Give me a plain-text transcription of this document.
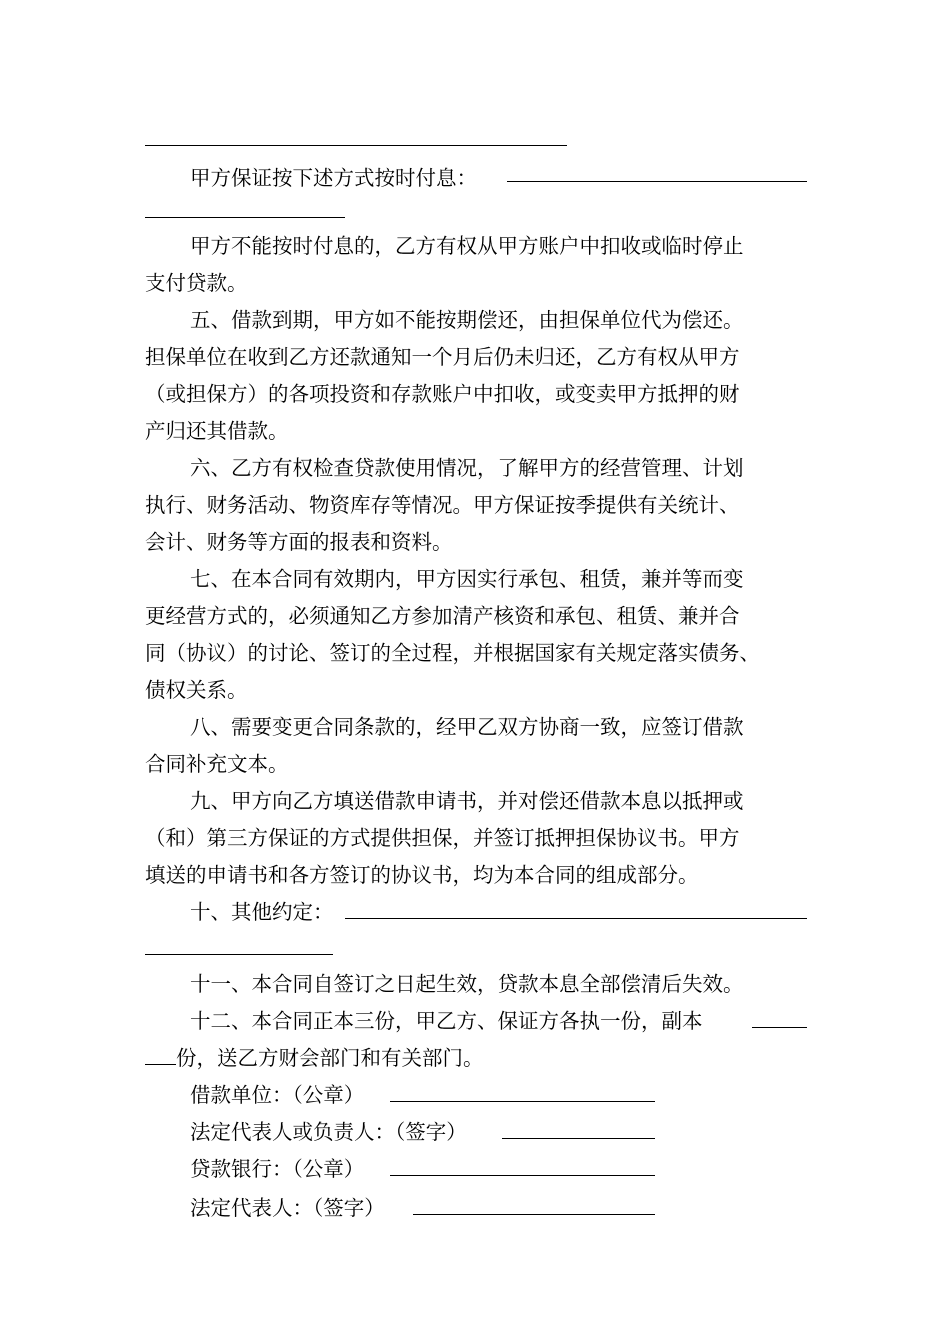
甲方保证按下述方式按时付息：
甲方不能按时付息的，乙方有权从甲方账户中扣收或临时停止
支付贷款。
五、借款到期，甲方如不能按期偿还，由担保单位代为偿还。
担保单位在收到乙方还款通知一个月后仍未归还，乙方有权从甲方
（或担保方）的各项投资和存款账户中扣收，或变卖甲方抵押的财
产归还其借款。
六、乙方有权检查贷款使用情况，了解甲方的经营管理、计划
执行、财务活动、物资库存等情况。甲方保证按季提供有关统计、
会计、财务等方面的报表和资料。
七、在本合同有效期内，甲方因实行承包、租赁，兼并等而变
更经营方式的，必须通知乙方参加清产核资和承包、租赁、兼并合
同（协议）的讨论、签订的全过程，并根据国家有关规定落实债务、
债权关系。
八、需要变更合同条款的，经甲乙双方协商一致，应签订借款
合同补充文本。
九、甲方向乙方填送借款申请书，并对偿还借款本息以抵押或
（和）第三方保证的方式提供担保，并签订抵押担保协议书。甲方
填送的申请书和各方签订的协议书，均为本合同的组成部分。
十、其他约定：
十一、本合同自签订之日起生效，贷款本息全部偿清后失效。
十二、本合同正本三份，甲乙方、保证方各执一份，副本
份，送乙方财会部门和有关部门。
借款单位：（公章）
法定代表人或负责人：（签字）
贷款银行：（公章）
法定代表人：（签字）
